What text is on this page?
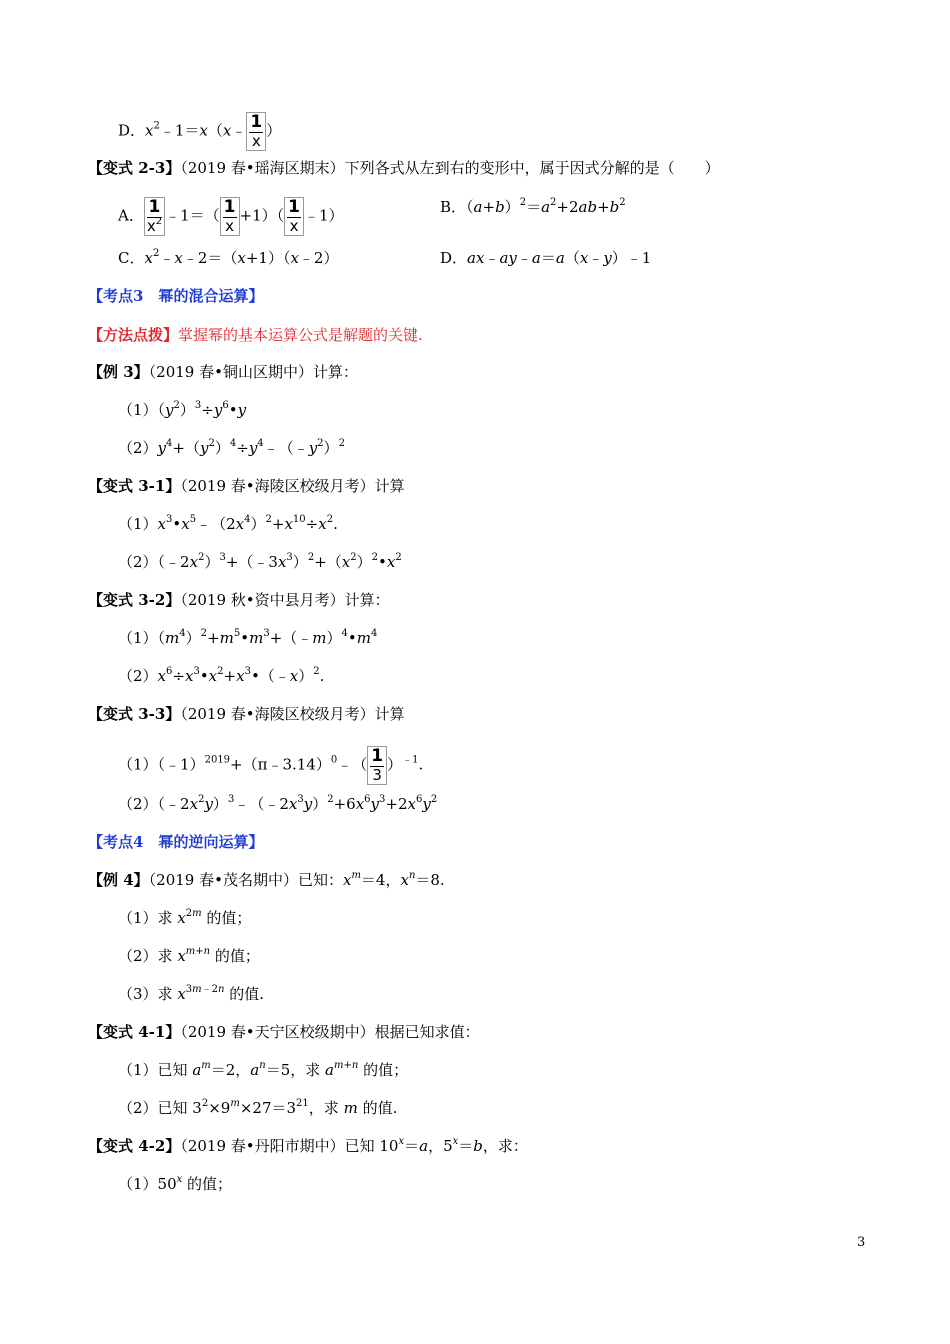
D．$x^2﹣1=x(x﹣ \frac{1}{x}$ ）
【变式 2-3】（2019 春•瑶海区期末）下列各式从左到右的变形中，属于因式分解的是（　　）
A． $\frac{1}{x^2}$ ﹣1＝（ $\frac{1}{x} +1)( \frac{1}{x}$ ﹣1）	B．$(a+b)^2=a^2+2ab+b^2$
C．$x^2﹣x﹣2=(x+1)(x﹣2)$	D．ax﹣ay﹣a＝a（x﹣y）﹣1
【考点3　幂的混合运算】
【方法点拨】掌握幂的基本运算公式是解题的关键.
【例 3】（2019 春•铜山区期中）计算：
$(1)(y^2)^3\div y^6•y$
$(2)y^4+(y^2)^4\div y^4﹣(﹣y^2)^2$
【变式 3-1】（2019 春•海陵区校级月考）计算
$(1)x^3•x^5﹣(2x^4)^2+x^{10}\div x^2$.
$(2)(﹣2x^2)^3+(﹣3x^3)^2+(x^2)^2•x^2$
【变式 3-2】（2019 秋•资中县月考）计算：
$(1)(m^4)^2+m^5•m^3+(﹣m)^4•m^4$
$(2)x^6\div x^3•x^2+x^3•(﹣x)^2$.
【变式 3-3】（2019 春•海陵区校级月考）计算
（1）（﹣1）$^{2019}$+（π﹣3.14）$^0$﹣（ $\frac{1}{3} )^{﹣1}$.
$(2)(﹣2x^2y)^3﹣(﹣2x^3y)^2+6x^6y^3+2x^6y^2$
【考点4　幂的逆向运算】
【例 4】（2019 春•茂名期中）已知：$x^m=4$，$x^n=8$.
（1）求 $x^{2m}$ 的值；
（2）求 $x^{m+n}$ 的值；
（3）求 $x^{3m﹣2n}$ 的值.
【变式 4-1】（2019 春•天宁区校级期中）根据已知求值：
（1）已知 $a^m=2$，$a^n=5$，求 $a^{m+n}$ 的值；
（2）已知 $3^2\times 9^m\times 27=3^{21}$，求 m 的值.
【变式 4-2】（2019 春•丹阳市期中）已知 $10^x=a$，$5^x=b$，求：
（1）50$^x$ 的值；
3
